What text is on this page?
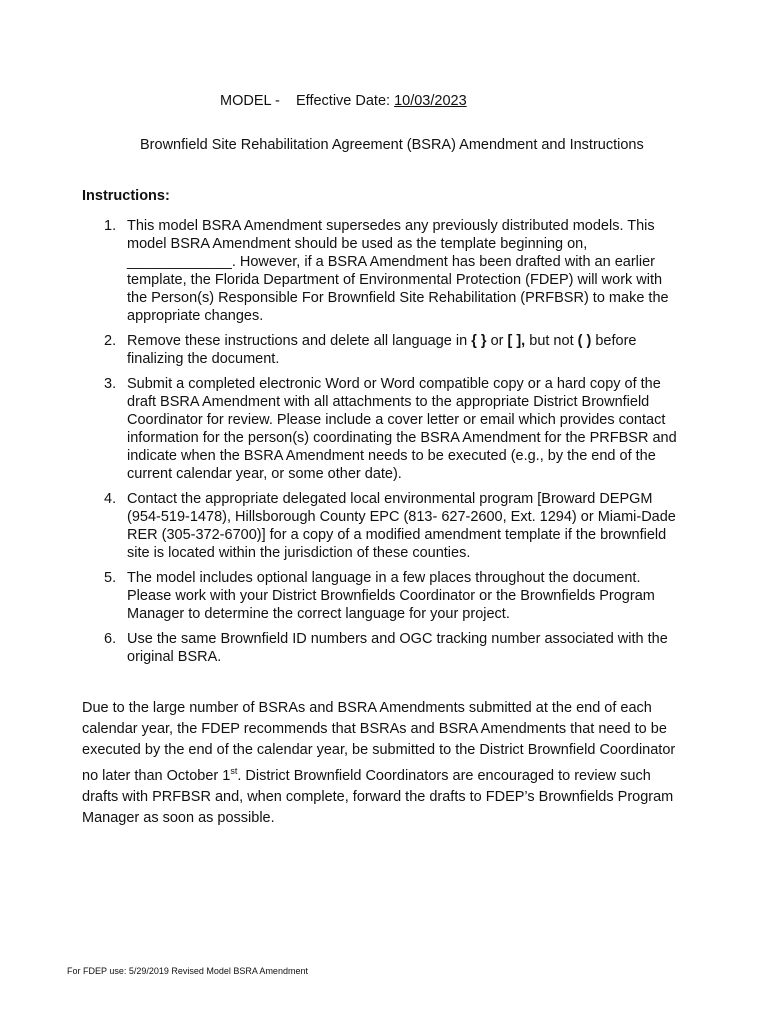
MODEL - Effective Date: 10/03/2023
Brownfield Site Rehabilitation Agreement (BSRA) Amendment and Instructions
Instructions:
1. This model BSRA Amendment supersedes any previously distributed models. This model BSRA Amendment should be used as the template beginning on, _____________. However, if a BSRA Amendment has been drafted with an earlier template, the Florida Department of Environmental Protection (FDEP) will work with the Person(s) Responsible For Brownfield Site Rehabilitation (PRFBSR) to make the appropriate changes.
2. Remove these instructions and delete all language in { } or [ ], but not ( ) before finalizing the document.
3. Submit a completed electronic Word or Word compatible copy or a hard copy of the draft BSRA Amendment with all attachments to the appropriate District Brownfield Coordinator for review. Please include a cover letter or email which provides contact information for the person(s) coordinating the BSRA Amendment for the PRFBSR and indicate when the BSRA Amendment needs to be executed (e.g., by the end of the current calendar year, or some other date).
4. Contact the appropriate delegated local environmental program [Broward DEPGM (954-519-1478), Hillsborough County EPC (813- 627-2600, Ext. 1294) or Miami-Dade RER (305-372-6700)] for a copy of a modified amendment template if the brownfield site is located within the jurisdiction of these counties.
5. The model includes optional language in a few places throughout the document. Please work with your District Brownfields Coordinator or the Brownfields Program Manager to determine the correct language for your project.
6. Use the same Brownfield ID numbers and OGC tracking number associated with the original BSRA.
Due to the large number of BSRAs and BSRA Amendments submitted at the end of each calendar year, the FDEP recommends that BSRAs and BSRA Amendments that need to be executed by the end of the calendar year, be submitted to the District Brownfield Coordinator no later than October 1st. District Brownfield Coordinators are encouraged to review such drafts with PRFBSR and, when complete, forward the drafts to FDEP’s Brownfields Program Manager as soon as possible.
For FDEP use: 5/29/2019 Revised Model BSRA Amendment
